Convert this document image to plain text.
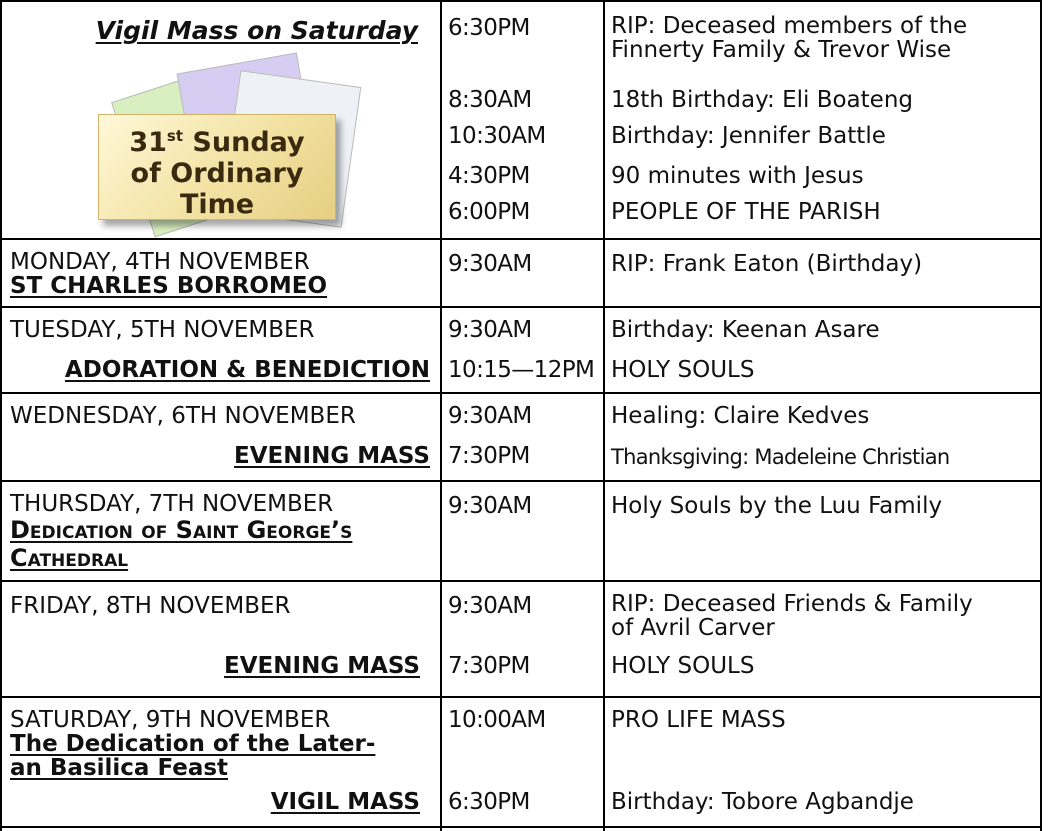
Vigil Mass on Saturday
31st Sunday
of Ordinary
Time
6:30PM
8:30AM
10:30AM
4:30PM
6:00PM
RIP: Deceased members of the
Finnerty Family & Trevor Wise
18th Birthday: Eli Boateng
Birthday: Jennifer Battle
90 minutes with Jesus
PEOPLE OF THE PARISH
MONDAY, 4TH NOVEMBER
ST CHARLES BORROMEO
9:30AM	RIP: Frank Eaton (Birthday)
TUESDAY, 5TH NOVEMBER
ADORATION & BENEDICTION
9:30AM
10:15—12PM
Birthday: Keenan Asare
HOLY SOULS
WEDNESDAY, 6TH NOVEMBER
EVENING MASS
9:30AM
7:30PM
Healing: Claire Kedves
Thanksgiving: Madeleine Christian
THURSDAY, 7TH NOVEMBER
Dedication of Saint George’s
Cathedral
9:30AM	Holy Souls by the Luu Family
FRIDAY, 8TH NOVEMBER
EVENING MASS
9:30AM
7:30PM
RIP: Deceased Friends & Family
of Avril Carver
HOLY SOULS
SATURDAY, 9TH NOVEMBER
The Dedication of the Later-
an Basilica Feast
VIGIL MASS
10:00AM
6:30PM
PRO LIFE MASS
Birthday: Tobore Agbandje
